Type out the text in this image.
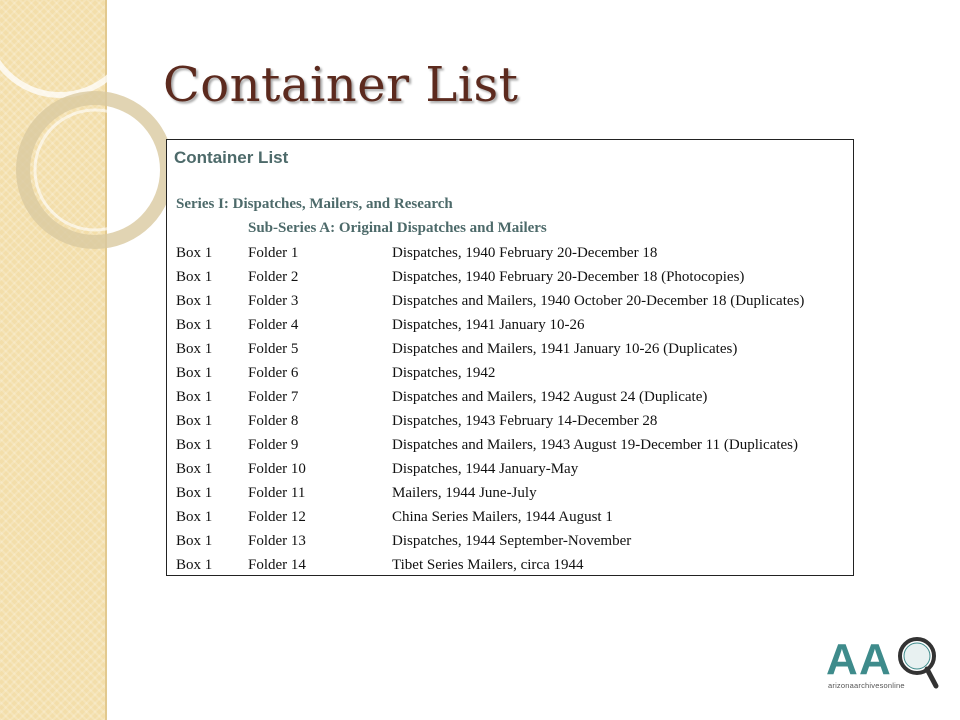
Container List
Container List
Series I: Dispatches, Mailers, and Research
Sub-Series A: Original Dispatches and Mailers
Box 1 Folder 1	Dispatches, 1940 February 20-December 18
Box 1 Folder 2	Dispatches, 1940 February 20-December 18 (Photocopies)
Box 1 Folder 3	Dispatches and Mailers, 1940 October 20-December 18 (Duplicates)
Box 1 Folder 4	Dispatches, 1941 January 10-26
Box 1 Folder 5	Dispatches and Mailers, 1941 January 10-26 (Duplicates)
Box 1 Folder 6	Dispatches, 1942
Box 1 Folder 7	Dispatches and Mailers, 1942 August 24 (Duplicate)
Box 1 Folder 8	Dispatches, 1943 February 14-December 28
Box 1 Folder 9	Dispatches and Mailers, 1943 August 19-December 11 (Duplicates)
Box 1 Folder 10	Dispatches, 1944 January-May
Box 1 Folder 11	Mailers, 1944 June-July
Box 1 Folder 12	China Series Mailers, 1944 August 1
Box 1 Folder 13	Dispatches, 1944 September-November
Box 1 Folder 14	Tibet Series Mailers, circa 1944
A A
arizonaarchivesonline
